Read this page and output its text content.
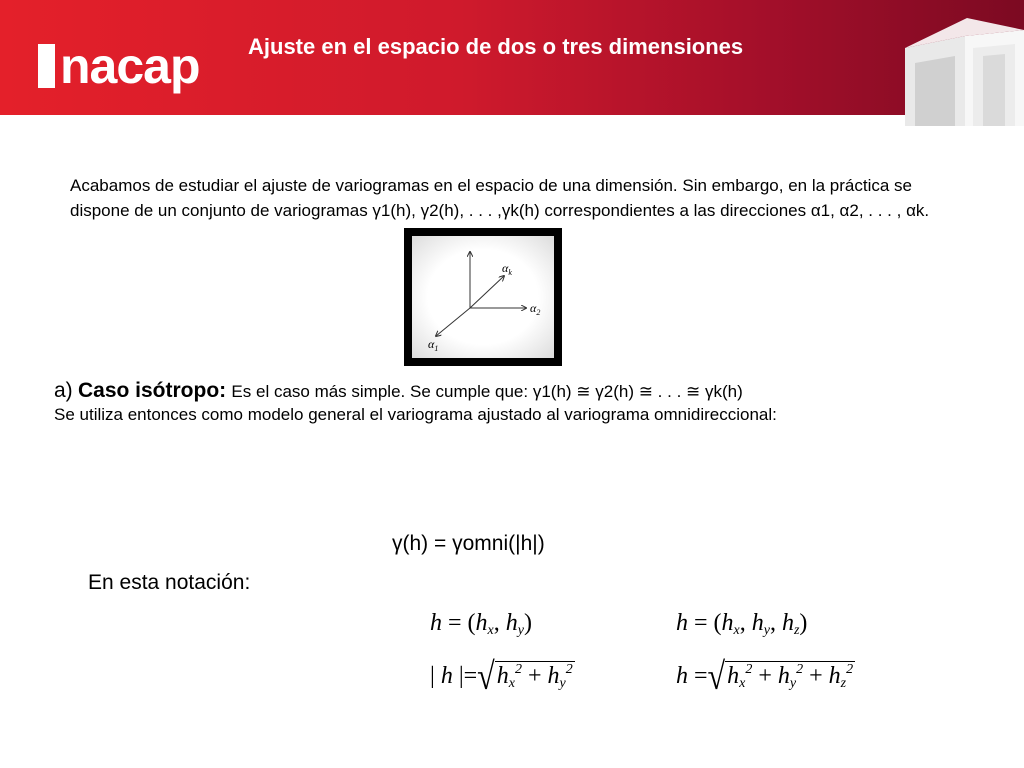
nacap Ajuste en el espacio de dos o tres dimensiones
Acabamos de estudiar el ajuste de variogramas en el espacio de una dimensión. Sin embargo, en la práctica se dispone de un conjunto de variogramas γ1(h), γ2(h), . . . ,γk(h) correspondientes a las direcciones α1, α2, . . . , αk.
$\alpha_k$
$\alpha_2$
$\alpha_1$
a) Caso isótropo: Es el caso más simple. Se cumple que: γ1(h) ≅ γ2(h) ≅ . . . ≅ γk(h)
Se utiliza entonces como modelo general el variograma ajustado al variograma omnidireccional:
γ(h) = γomni(|h|)
En esta notación:
$h = (h_x$, $h_y$)	$h = (h_x$, $h_y$, $h_z$)
| h $|=√h_x^2 + h_y^2$	$h =√h_x^2 + h_y^2 + h_z^2$
